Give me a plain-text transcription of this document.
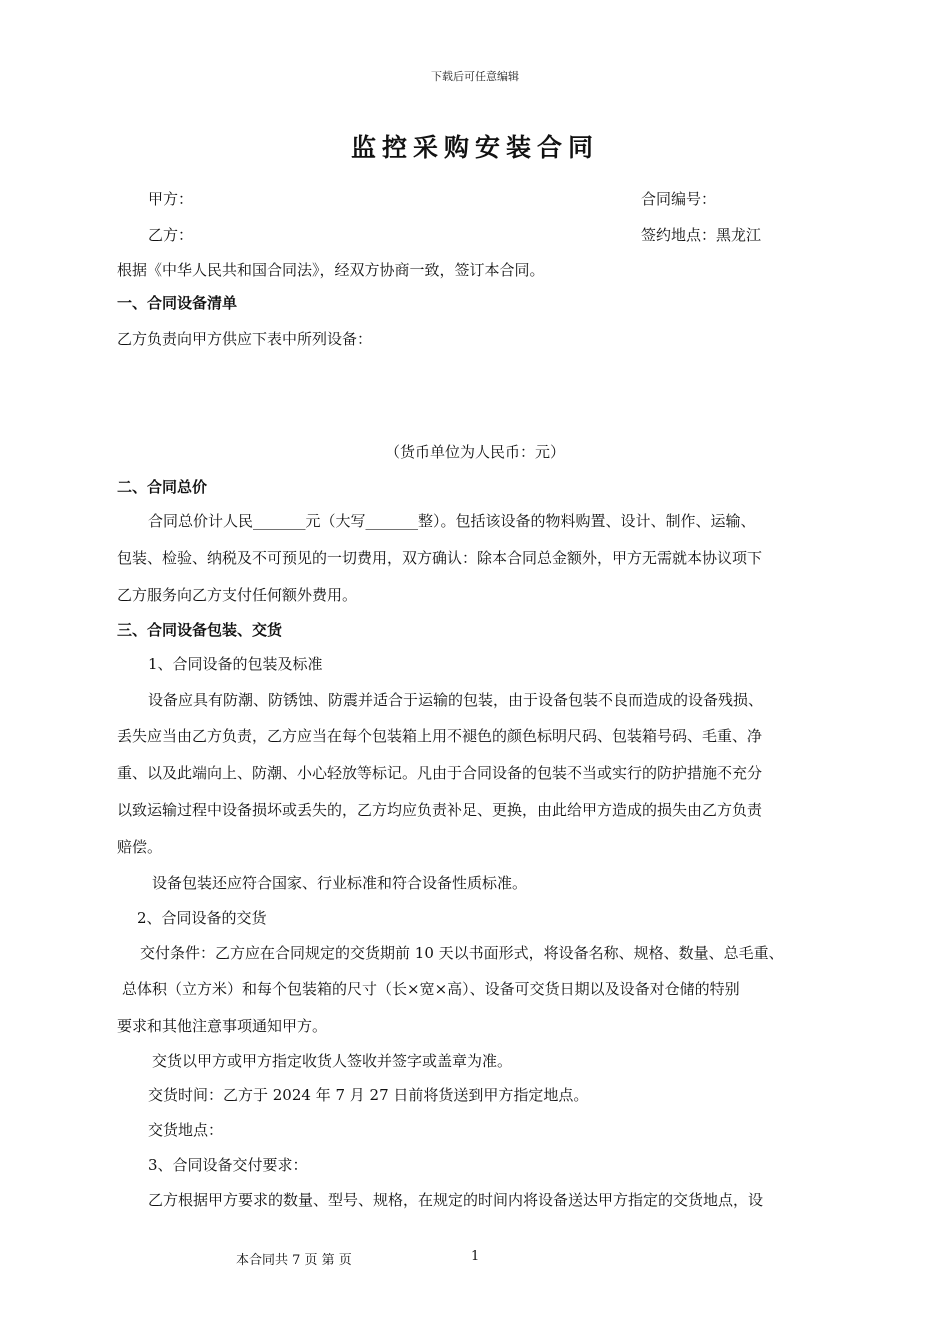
下载后可任意编辑
监控采购安装合同
甲方：	合同编号：
乙方：	签约地点：黑龙江
根据《中华人民共和国合同法》，经双方协商一致，签订本合同。
一、合同设备清单
乙方负责向甲方供应下表中所列设备：
（货币单位为人民币：元）
二、合同总价
合同总价计人民_______元（大写_______整）。包括该设备的物料购置、设计、制作、运输、
包装、检验、纳税及不可预见的一切费用，双方确认：除本合同总金额外，甲方无需就本协议项下
乙方服务向乙方支付任何额外费用。
三、合同设备包装、交货
1、合同设备的包装及标准
设备应具有防潮、防锈蚀、防震并适合于运输的包装，由于设备包装不良而造成的设备残损、
丢失应当由乙方负责，乙方应当在每个包装箱上用不褪色的颜色标明尺码、包装箱号码、毛重、净
重、以及此端向上、防潮、小心轻放等标记。凡由于合同设备的包装不当或实行的防护措施不充分
以致运输过程中设备损坏或丢失的，乙方均应负责补足、更换，由此给甲方造成的损失由乙方负责
赔偿。
设备包装还应符合国家、行业标准和符合设备性质标准。
2、合同设备的交货
交付条件：乙方应在合同规定的交货期前 10 天以书面形式，将设备名称、规格、数量、总毛重、
总体积（立方米）和每个包装箱的尺寸（长×宽×高）、设备可交货日期以及设备对仓储的特别
要求和其他注意事项通知甲方。
交货以甲方或甲方指定收货人签收并签字或盖章为准。
交货时间：乙方于 2024 年 7 月 27 日前将货送到甲方指定地点。
交货地点：
3、合同设备交付要求：
乙方根据甲方要求的数量、型号、规格，在规定的时间内将设备送达甲方指定的交货地点，设
本合同共 7 页 第 页	1
